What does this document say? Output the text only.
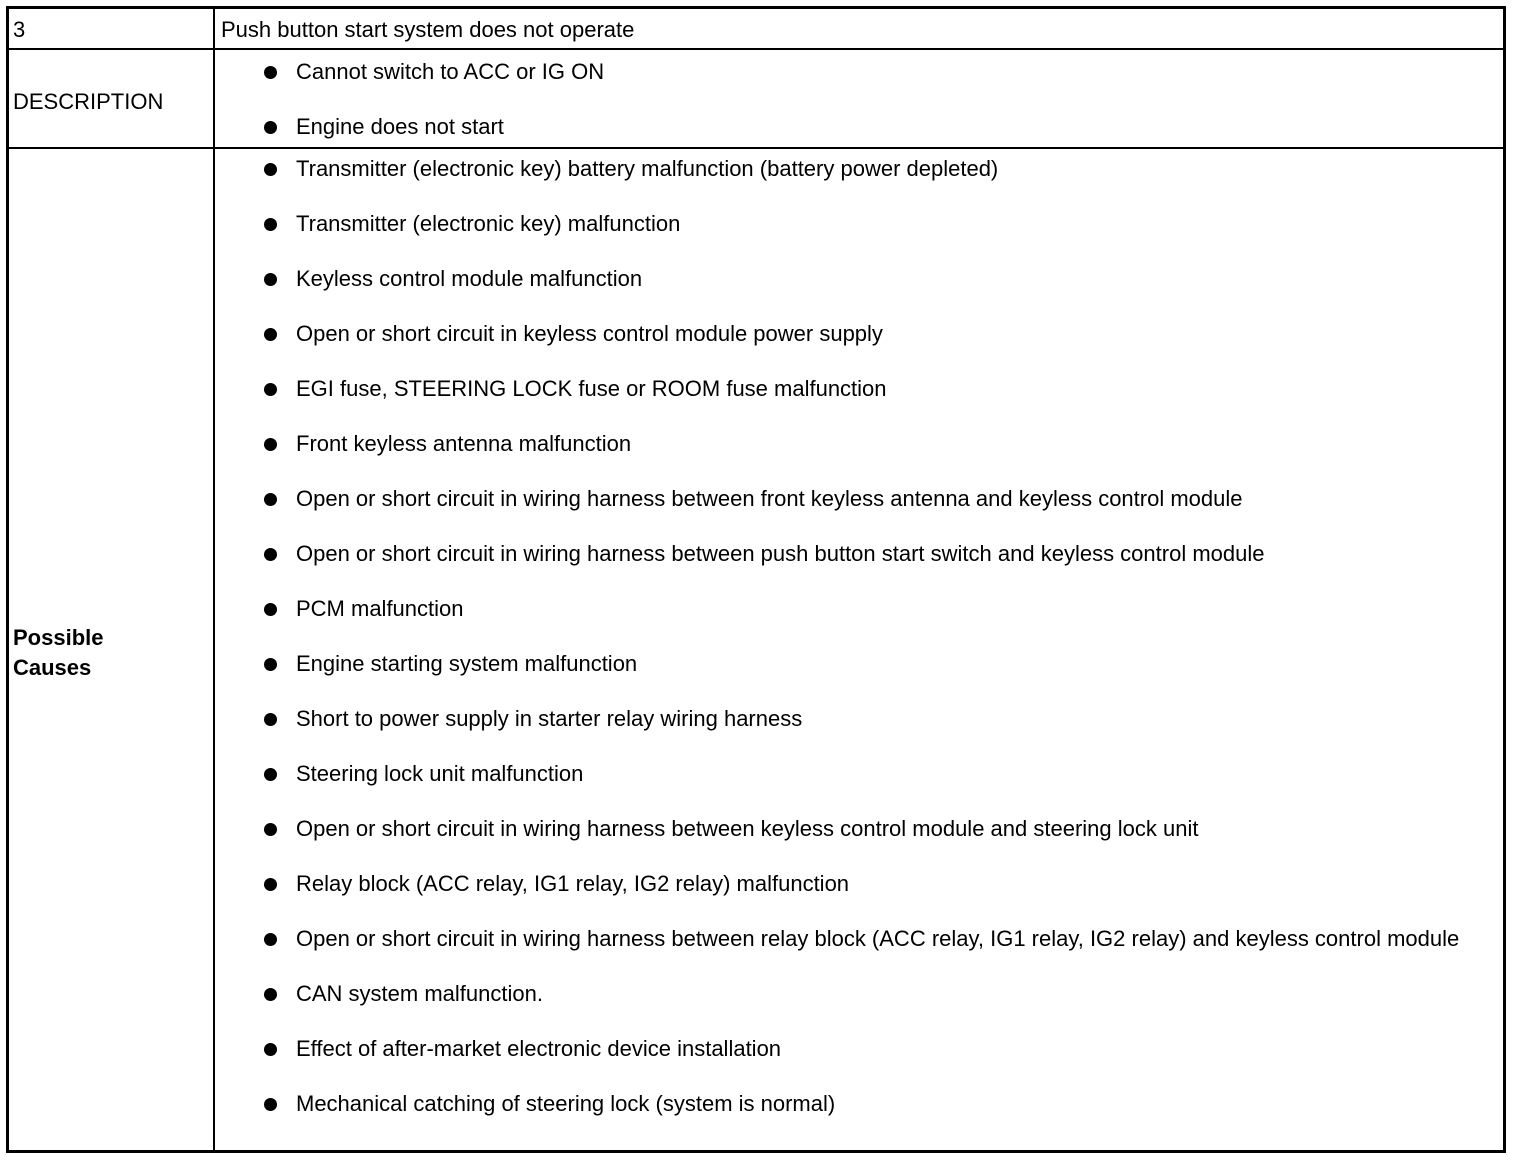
3	Push button start system does not operate
DESCRIPTION
Cannot switch to ACC or IG ON
Engine does not start
Possible
Causes
Transmitter (electronic key) battery malfunction (battery power depleted)
Transmitter (electronic key) malfunction
Keyless control module malfunction
Open or short circuit in keyless control module power supply
EGI fuse, STEERING LOCK fuse or ROOM fuse malfunction
Front keyless antenna malfunction
Open or short circuit in wiring harness between front keyless antenna and keyless control module
Open or short circuit in wiring harness between push button start switch and keyless control module
PCM malfunction
Engine starting system malfunction
Short to power supply in starter relay wiring harness
Steering lock unit malfunction
Open or short circuit in wiring harness between keyless control module and steering lock unit
Relay block (ACC relay, IG1 relay, IG2 relay) malfunction
Open or short circuit in wiring harness between relay block (ACC relay, IG1 relay, IG2 relay) and keyless control module
CAN system malfunction.
Effect of after-market electronic device installation
Mechanical catching of steering lock (system is normal)
